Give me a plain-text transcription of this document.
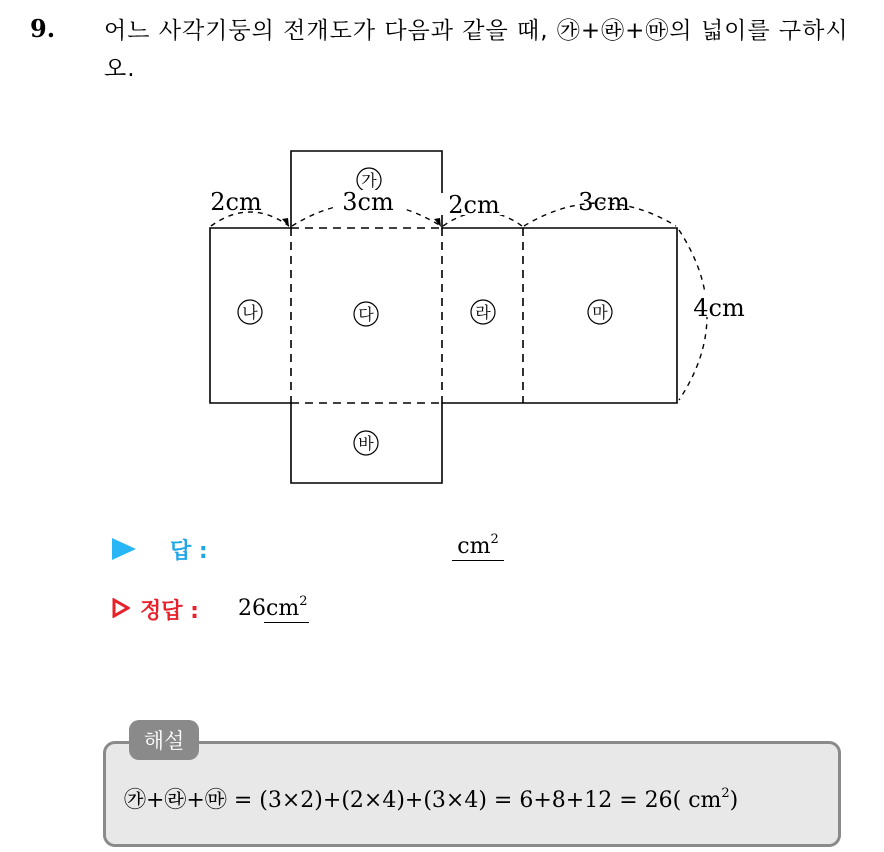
9. 어느 사각기둥의 전개도가 다음과 같을 때, ㉮+㉱+㉲의 넓이를 구하시오.
가
나	다	라	마
바
2cm	3cm 2cm	3cm
4cm
답 :	$cm^2$
정답 : 26 $cm^2$
해설
㉮+㉱+㉲ = (3×2)+(2×4)+(3×4) = 6+8+12 = 26( $cm^2$)
